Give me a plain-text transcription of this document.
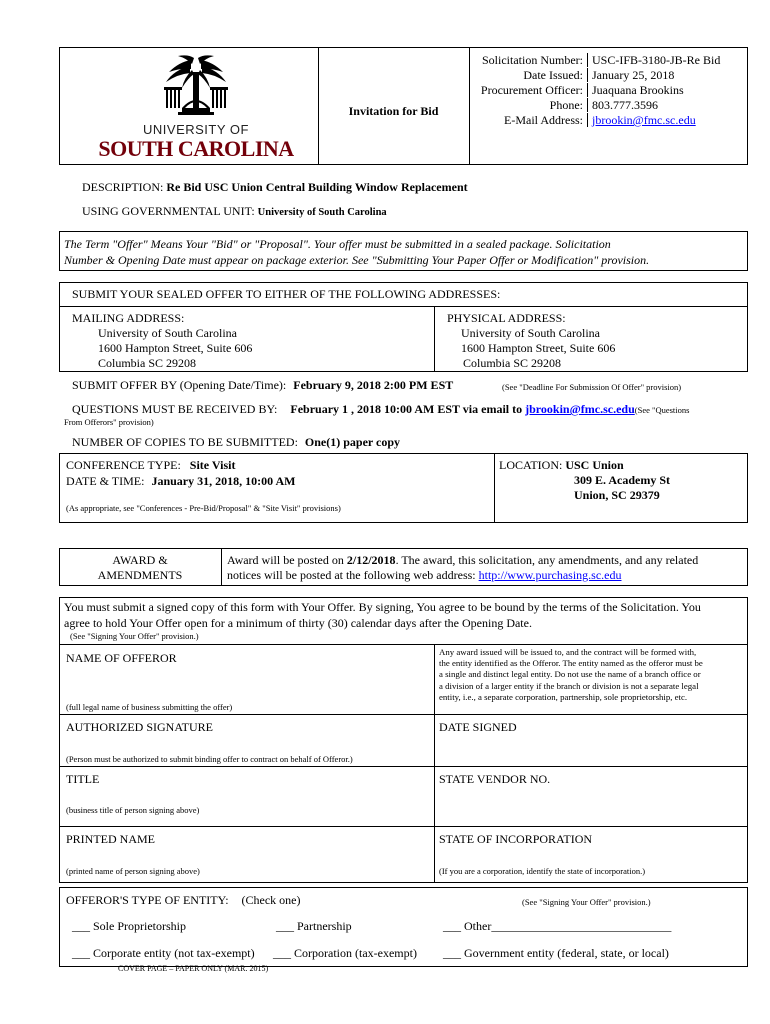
UNIVERSITY OF
SOUTH CAROLINA
Invitation for Bid
Solicitation Number: USC-IFB-3180-JB-Re Bid
Date Issued: January 25, 2018
Procurement Officer: Juaquana Brookins
Phone: 803.777.3596
E-Mail Address: jbrookin@fmc.sc.edu
DESCRIPTION: Re Bid USC Union Central Building Window Replacement
USING GOVERNMENTAL UNIT: University of South Carolina
The Term "Offer" Means Your "Bid" or "Proposal". Your offer must be submitted in a sealed package. Solicitation
Number & Opening Date must appear on package exterior. See "Submitting Your Paper Offer or Modification" provision.
SUBMIT YOUR SEALED OFFER TO EITHER OF THE FOLLOWING ADDRESSES:
MAILING ADDRESS:
University of South Carolina
1600 Hampton Street, Suite 606
Columbia SC 29208
PHYSICAL ADDRESS:
University of South Carolina
1600 Hampton Street, Suite 606
Columbia SC 29208
SUBMIT OFFER BY (Opening Date/Time): February 9, 2018 2:00 PM EST	(See "Deadline For Submission Of Offer" provision)
QUESTIONS MUST BE RECEIVED BY: February 1 , 2018 10:00 AM EST via email to jbrookin@fmc.sc.edu(See "Questions
From Offerors" provision)
NUMBER OF COPIES TO BE SUBMITTED: One(1) paper copy
CONFERENCE TYPE: Site Visit
DATE & TIME: January 31, 2018, 10:00 AM
(As appropriate, see "Conferences - Pre-Bid/Proposal" & "Site Visit" provisions)
LOCATION: USC Union
309 E. Academy St
Union, SC 29379
AWARD &
AMENDMENTS
Award will be posted on 2/12/2018. The award, this solicitation, any amendments, and any related
notices will be posted at the following web address: http://www.purchasing.sc.edu
You must submit a signed copy of this form with Your Offer. By signing, You agree to be bound by the terms of the Solicitation. You
agree to hold Your Offer open for a minimum of thirty (30) calendar days after the Opening Date.
(See "Signing Your Offer" provision.)
NAME OF OFFEROR
(full legal name of business submitting the offer)
Any award issued will be issued to, and the contract will be formed with,
the entity identified as the Offeror. The entity named as the offeror must be
a single and distinct legal entity. Do not use the name of a branch office or
a division of a larger entity if the branch or division is not a separate legal
entity, i.e., a separate corporation, partnership, sole proprietorship, etc.
AUTHORIZED SIGNATURE
(Person must be authorized to submit binding offer to contract on behalf of Offeror.)
DATE SIGNED
TITLE
(business title of person signing above)
STATE VENDOR NO.
PRINTED NAME
(printed name of person signing above)
STATE OF INCORPORATION
(If you are a corporation, identify the state of incorporation.)
OFFEROR'S TYPE OF ENTITY: (Check one)	(See "Signing Your Offer" provision.)
___ Sole Proprietorship	___ Partnership	___ Other______________________________
___ Corporate entity (not tax-exempt) ___ Corporation (tax-exempt) ___ Government entity (federal, state, or local)
COVER PAGE – PAPER ONLY (MAR. 2015)
